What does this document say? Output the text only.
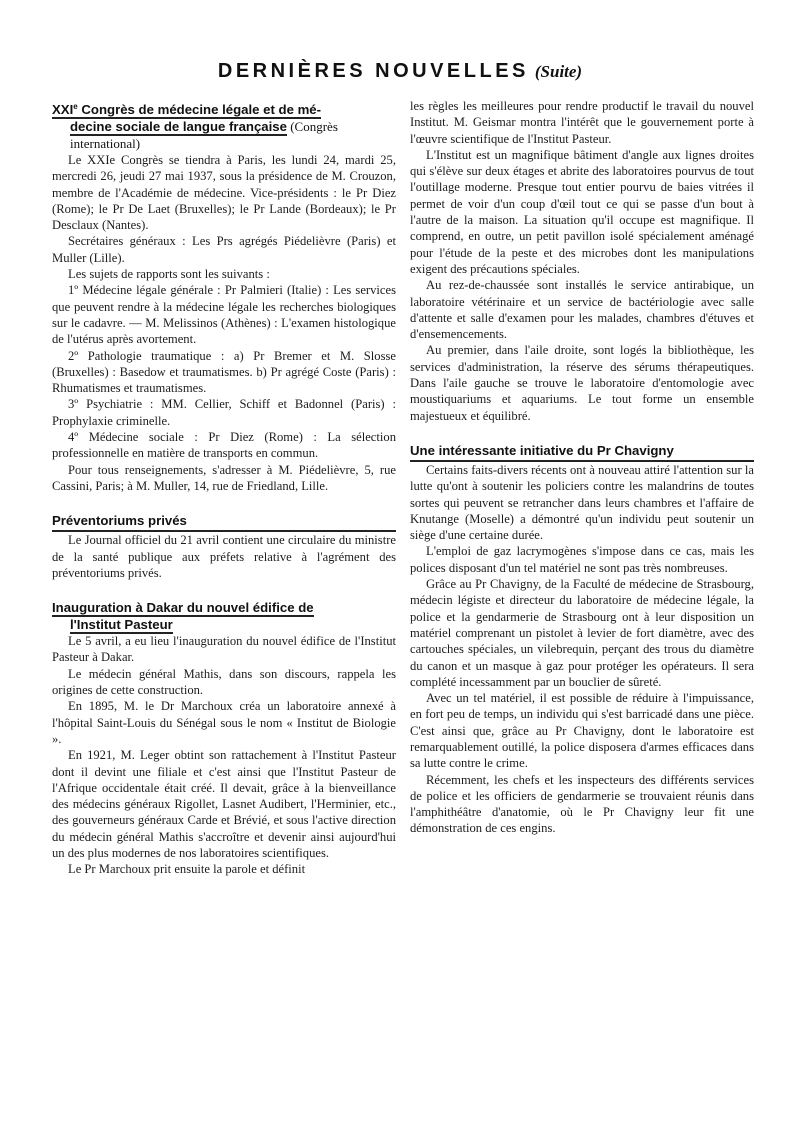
DERNIÈRES NOUVELLES (Suite)
XXIe Congrès de médecine légale et de mé-
decine sociale de langue française (Congrès international)

Le XXIe Congrès se tiendra à Paris, les lundi 24, mardi 25, mercredi 26, jeudi 27 mai 1937, sous la présidence de M. Crouzon, membre de l'Académie de médecine. Vice-présidents : le Pr Diez (Rome); le Pr De Laet (Bruxelles); le Pr Lande (Bordeaux); le Pr Desclaux (Nantes).

Secrétaires généraux : Les Prs agrégés Piédelièvre (Paris) et Muller (Lille).

Les sujets de rapports sont les suivants :

1º Médecine légale générale : Pr Palmieri (Italie) : Les services que peuvent rendre à la médecine légale les recherches biologiques sur le cadavre. — M. Melissinos (Athènes) : L'examen histologique de l'utérus après avortement.

2º Pathologie traumatique : a) Pr Bremer et M. Slosse (Bruxelles) : Basedow et traumatismes. b) Pr agrégé Coste (Paris) : Rhumatismes et traumatismes.

3º Psychiatrie : MM. Cellier, Schiff et Badonnel (Paris) : Prophylaxie criminelle.

4º Médecine sociale : Pr Diez (Rome) : La sélection professionnelle en matière de transports en commun.

Pour tous renseignements, s'adresser à M. Piédelièvre, 5, rue Cassini, Paris; à M. Muller, 14, rue de Friedland, Lille.

Préventoriums privés

Le Journal officiel du 21 avril contient une circulaire du ministre de la santé publique aux préfets relative à l'agrément des préventoriums privés.

Inauguration à Dakar du nouvel édifice de
l'Institut Pasteur

Le 5 avril, a eu lieu l'inauguration du nouvel édifice de l'Institut Pasteur à Dakar.

Le médecin général Mathis, dans son discours, rappela les origines de cette construction.

En 1895, M. le Dr Marchoux créa un laboratoire annexé à l'hôpital Saint-Louis du Sénégal sous le nom « Institut de Biologie ».

En 1921, M. Leger obtint son rattachement à l'Institut Pasteur dont il devint une filiale et c'est ainsi que l'Institut Pasteur de l'Afrique occidentale était créé. Il devait, grâce à la bienveillance des médecins généraux Rigollet, Lasnet Audibert, l'Herminier, etc., des gouverneurs généraux Carde et Brévié, et sous l'active direction du médecin général Mathis s'accroître et devenir ainsi aujourd'hui un des plus modernes de nos laboratoires scientifiques.

Le Pr Marchoux prit ensuite la parole et définit

les règles les meilleures pour rendre productif le travail du nouvel Institut. M. Geismar montra l'intérêt que le gouvernement porte à l'œuvre scientifique de l'Institut Pasteur.

L'Institut est un magnifique bâtiment d'angle aux lignes droites qui s'élève sur deux étages et abrite des laboratoires pourvus de tout l'outillage moderne. Presque tout entier pourvu de baies vitrées il permet de voir d'un coup d'œil tout ce qui se passe d'un bout à l'autre de la maison. La situation qu'il occupe est magnifique. Il comprend, en outre, un petit pavillon isolé spécialement aménagé pour l'étude de la peste et des microbes dont les manipulations exigent des précautions spéciales.

Au rez-de-chaussée sont installés le service antirabique, un laboratoire vétérinaire et un service de bactériologie avec salle d'attente et salle d'examen pour les malades, chambres d'étuves et d'ensemencements.

Au premier, dans l'aile droite, sont logés la bibliothèque, les services d'administration, la réserve des sérums thérapeutiques. Dans l'aile gauche se trouve le laboratoire d'entomologie avec moustiquariums et aquariums. Le tout forme un ensemble majestueux et équilibré.

Une intéressante initiative du Pr Chavigny

Certains faits-divers récents ont à nouveau attiré l'attention sur la lutte qu'ont à soutenir les policiers contre les malandrins de toutes sortes qui peuvent se retrancher dans leurs chambres et l'affaire de Knutange (Moselle) a démontré qu'un individu peut soutenir un siège d'une certaine durée.

L'emploi de gaz lacrymogènes s'impose dans ce cas, mais les polices disposant d'un tel matériel ne sont pas très nombreuses.

Grâce au Pr Chavigny, de la Faculté de médecine de Strasbourg, médecin légiste et directeur du laboratoire de médecine légale, la police et la gendarmerie de Strasbourg ont à leur disposition un matériel comprenant un pistolet à levier de fort diamètre, avec des cartouches spéciales, un vilebrequin, perçant des trous du diamètre du canon et un masque à gaz pour protéger les opérateurs. Il sera complété incessamment par un bouclier de sûreté.

Avec un tel matériel, il est possible de réduire à l'impuissance, en fort peu de temps, un individu qui s'est barricadé dans une pièce. C'est ainsi que, grâce au Pr Chavigny, dont le laboratoire est remarquablement outillé, la police disposera d'armes efficaces dans sa lutte contre le crime.

Récemment, les chefs et les inspecteurs des différents services de police et les officiers de gendarmerie se trouvaient réunis dans l'amphithéâtre d'anatomie, où le Pr Chavigny leur fit une démonstration de ces engins.
